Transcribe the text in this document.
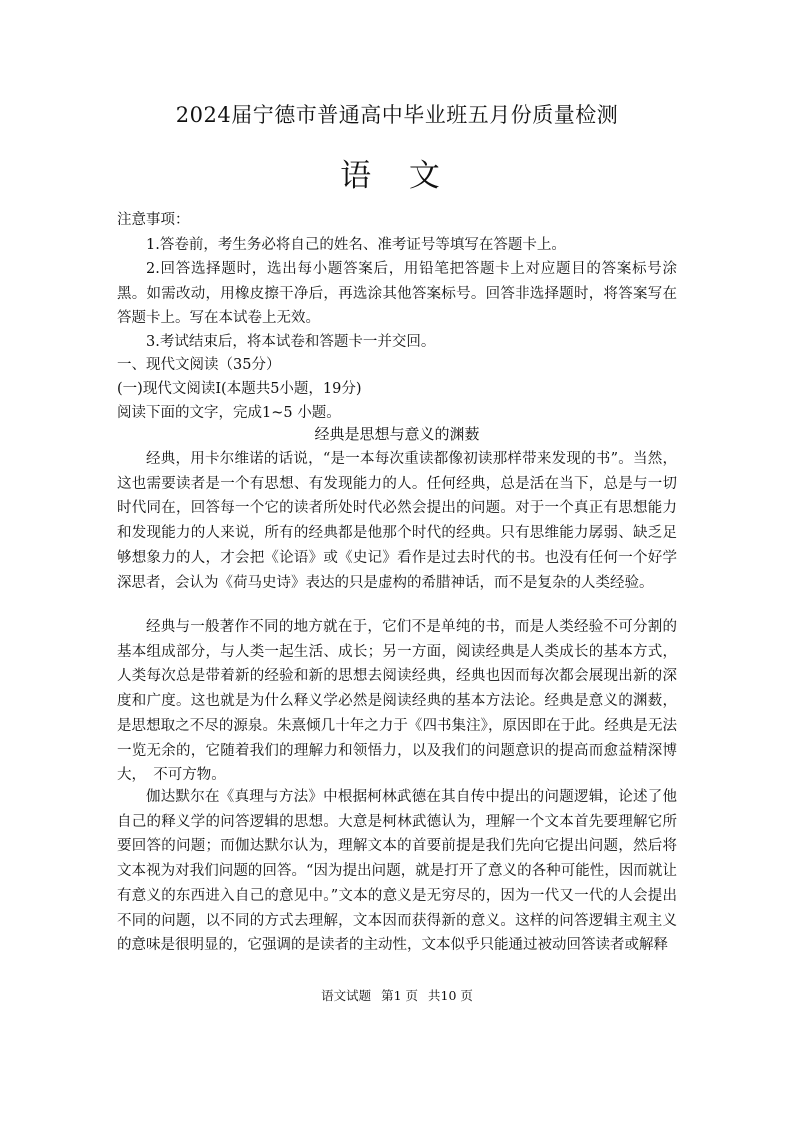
2024届宁德市普通高中毕业班五月份质量检测
语 文

注意事项：

1.答卷前，考生务必将自己的姓名、准考证号等填写在答题卡上。

2.回答选择题时，选出每小题答案后，用铅笔把答题卡上对应题目的答案标号涂黑。如需改动，用橡皮擦干净后，再选涂其他答案标号。回答非选择题时，将答案写在答题卡上。写在本试卷上无效。

3.考试结束后，将本试卷和答题卡一并交回。

一、现代文阅读（35分）

(一)现代文阅读Ⅰ(本题共5小题，19分)

阅读下面的文字，完成1~5 小题。

经典是思想与意义的渊薮

经典，用卡尔维诺的话说，“是一本每次重读都像初读那样带来发现的书”。当然，这也需要读者是一个有思想、有发现能力的人。任何经典，总是活在当下，总是与一切时代同在，回答每一个它的读者所处时代必然会提出的问题。对于一个真正有思想能力和发现能力的人来说，所有的经典都是他那个时代的经典。只有思维能力孱弱、缺乏足够想象力的人，才会把《论语》或《史记》看作是过去时代的书。也没有任何一个好学深思者，会认为《荷马史诗》表达的只是虚构的希腊神话，而不是复杂的人类经验。

经典与一般著作不同的地方就在于，它们不是单纯的书，而是人类经验不可分割的基本组成部分，与人类一起生活、成长；另一方面，阅读经典是人类成长的基本方式，人类每次总是带着新的经验和新的思想去阅读经典，经典也因而每次都会展现出新的深度和广度。这也就是为什么释义学必然是阅读经典的基本方法论。经典是意义的渊薮，是思想取之不尽的源泉。朱熹倾几十年之力于《四书集注》，原因即在于此。经典是无法一览无余的，它随着我们的理解力和领悟力，以及我们的问题意识的提高而愈益精深博大，　不可方物。

伽达默尔在《真理与方法》中根据柯林武德在其自传中提出的问题逻辑，论述了他自己的释义学的问答逻辑的思想。大意是柯林武德认为，理解一个文本首先要理解它所要回答的问题；而伽达默尔认为，理解文本的首要前提是我们先向它提出问题，然后将文本视为对我们问题的回答。“因为提出问题，就是打开了意义的各种可能性，因而就让有意义的东西进入自己的意见中。”文本的意义是无穷尽的，因为一代又一代的人会提出不同的问题，以不同的方式去理解，文本因而获得新的意义。这样的问答逻辑主观主义的意味是很明显的，它强调的是读者的主动性，文本似乎只能通过被动回答读者或解释

语文试题 第1 页 共10 页
